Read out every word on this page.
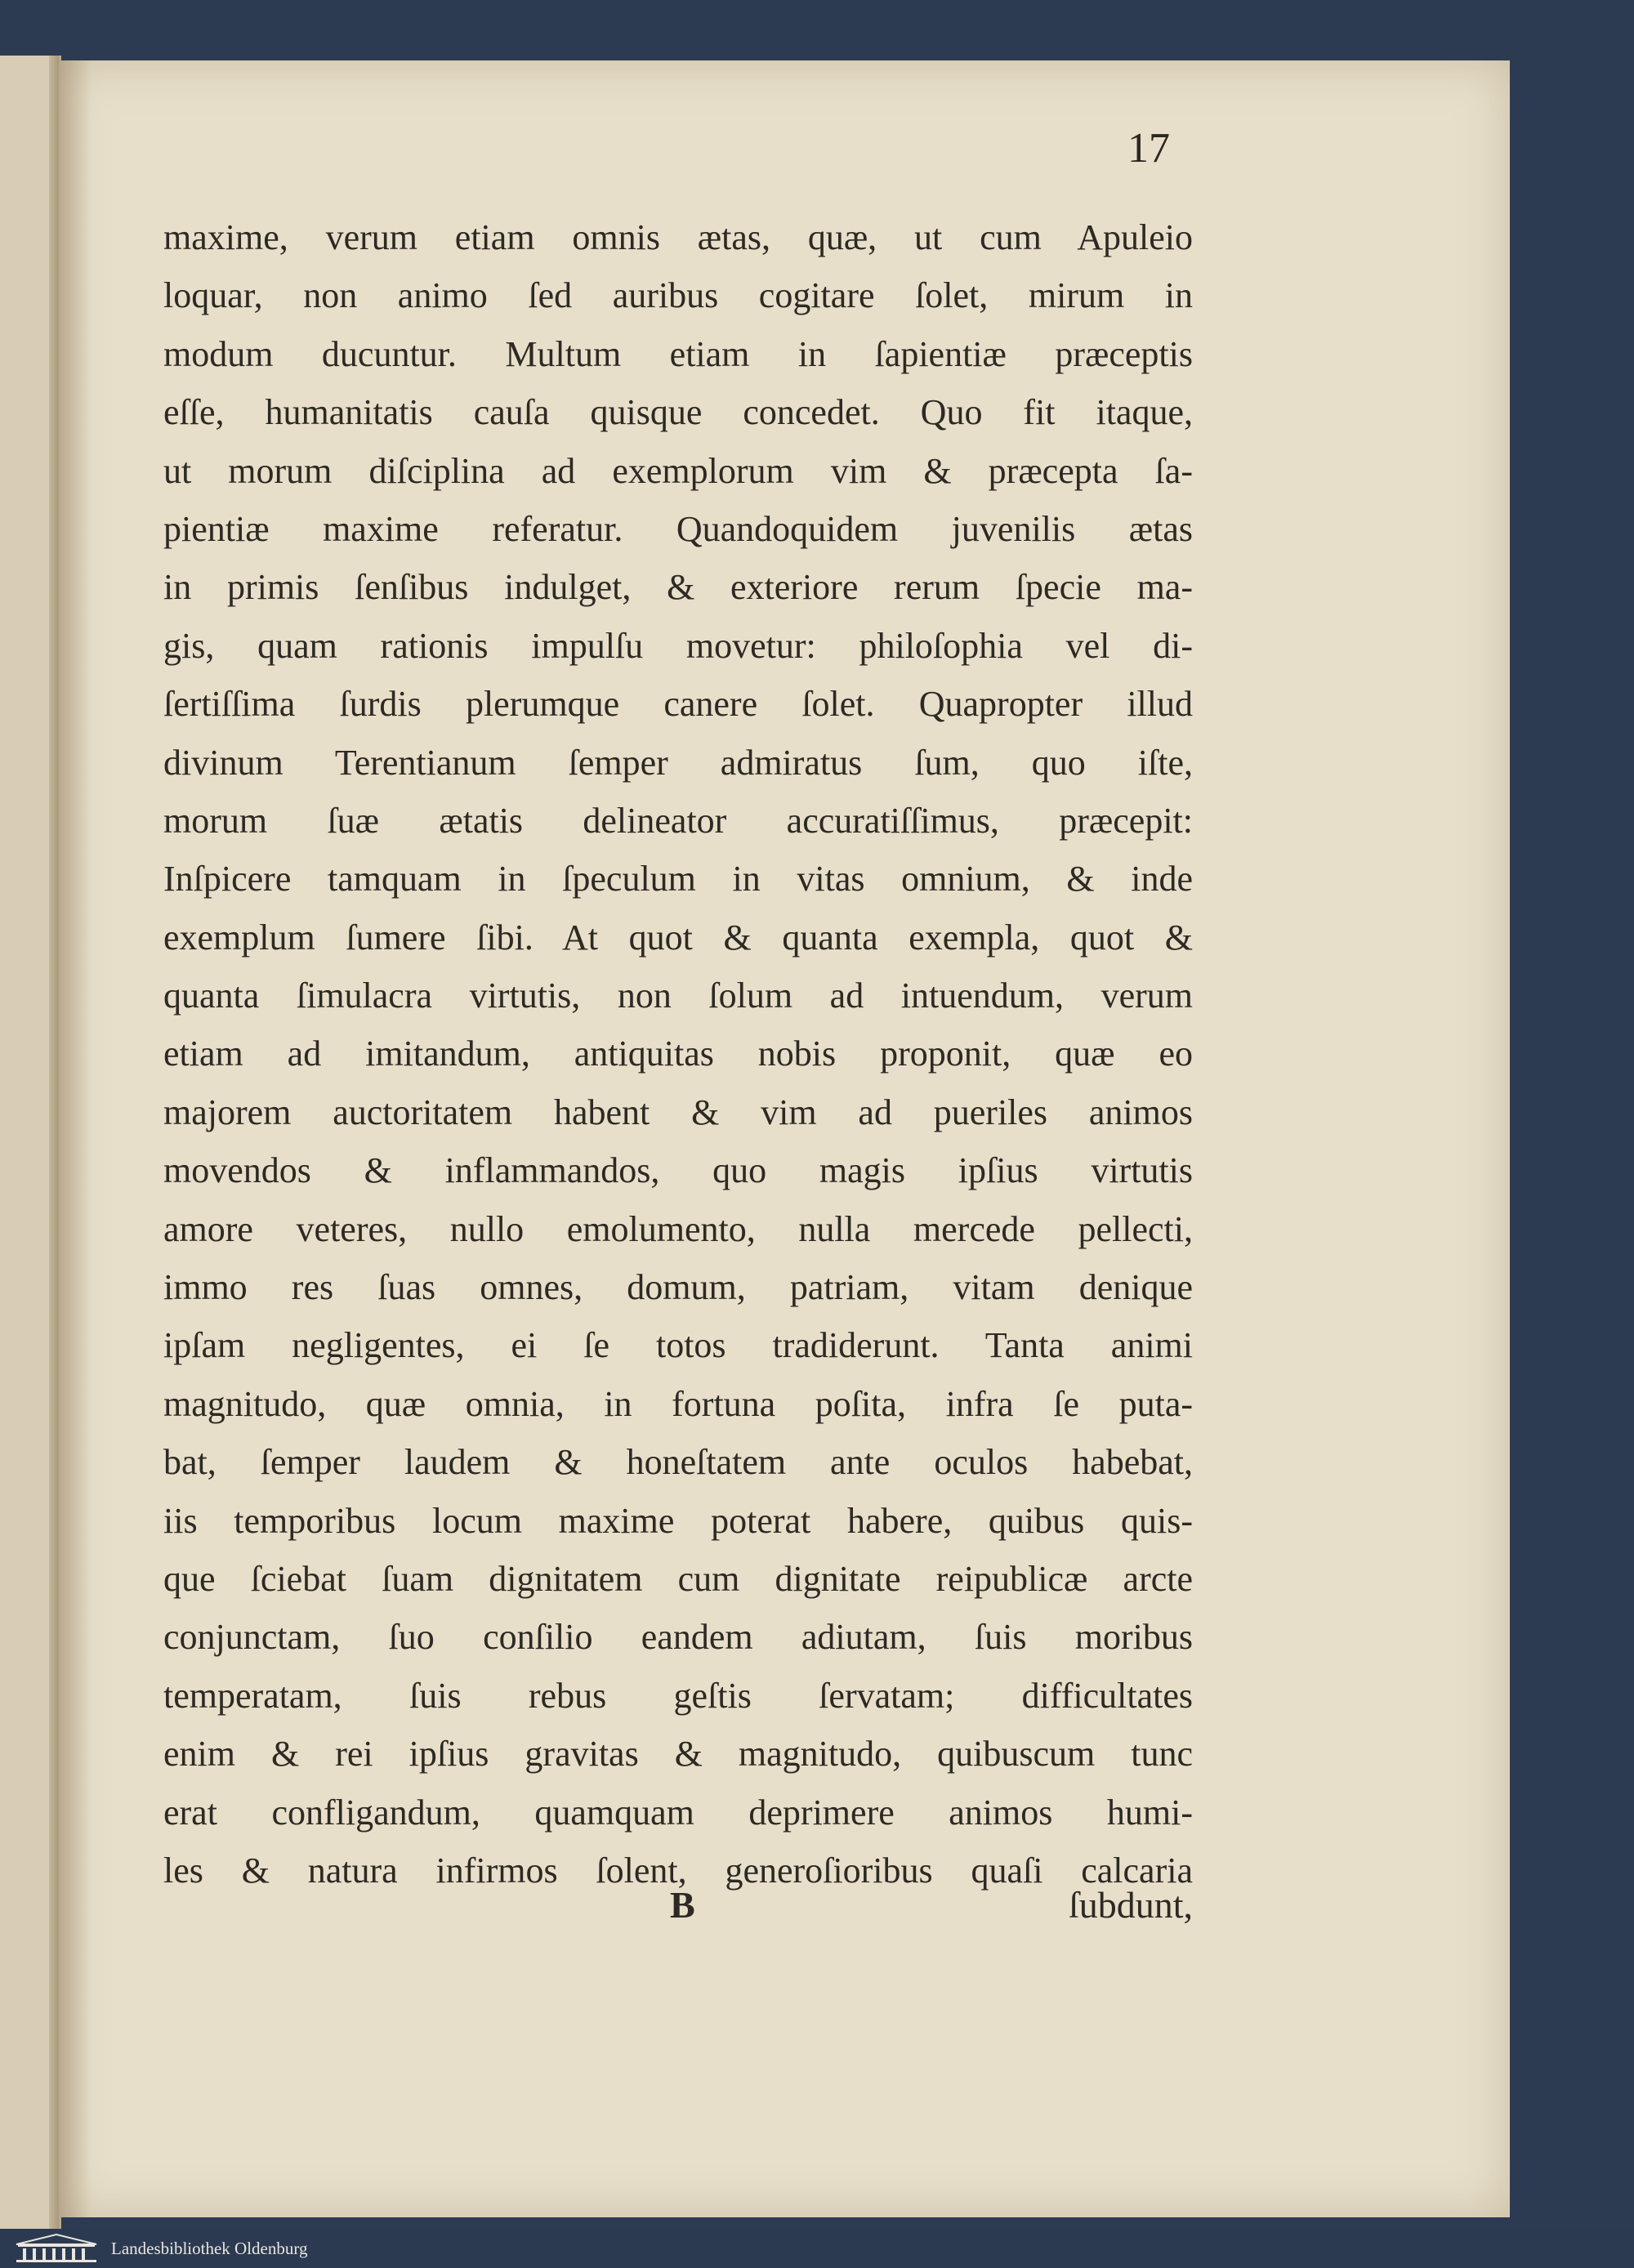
17
maxime, verum etiam omnis ætas, quæ, ut cum Apuleio
loquar, non animo ſed auribus cogitare ſolet, mirum in
modum ducuntur. Multum etiam in ſapientiæ præceptis
eſſe, humanitatis cauſa quisque concedet. Quo fit itaque,
ut morum diſciplina ad exemplorum vim & præcepta ſa-
pientiæ maxime referatur. Quandoquidem juvenilis ætas
in primis ſenſibus indulget, & exteriore rerum ſpecie ma-
gis, quam rationis impulſu movetur: philoſophia vel di-
ſertiſſima ſurdis plerumque canere ſolet. Quapropter illud
divinum Terentianum ſemper admiratus ſum, quo iſte,
morum ſuæ ætatis delineator accuratiſſimus, præcepit:
Inſpicere tamquam in ſpeculum in vitas omnium, & inde
exemplum ſumere ſibi. At quot & quanta exempla, quot &
quanta ſimulacra virtutis, non ſolum ad intuendum, verum
etiam ad imitandum, antiquitas nobis proponit, quæ eo
majorem auctoritatem habent & vim ad pueriles animos
movendos & inflammandos, quo magis ipſius virtutis
amore veteres, nullo emolumento, nulla mercede pellecti,
immo res ſuas omnes, domum, patriam, vitam denique
ipſam negligentes, ei ſe totos tradiderunt. Tanta animi
magnitudo, quæ omnia, in fortuna poſita, infra ſe puta-
bat, ſemper laudem & honeſtatem ante oculos habebat,
iis temporibus locum maxime poterat habere, quibus quis-
que ſciebat ſuam dignitatem cum dignitate reipublicæ arcte
conjunctam, ſuo conſilio eandem adiutam, ſuis moribus
temperatam, ſuis rebus geſtis ſervatam; difficultates
enim & rei ipſius gravitas & magnitudo, quibuscum tunc
erat confligandum, quamquam deprimere animos humi-
les & natura infirmos ſolent, generoſioribus quaſi calcaria
B	ſubdunt,
Landesbibliothek Oldenburg
